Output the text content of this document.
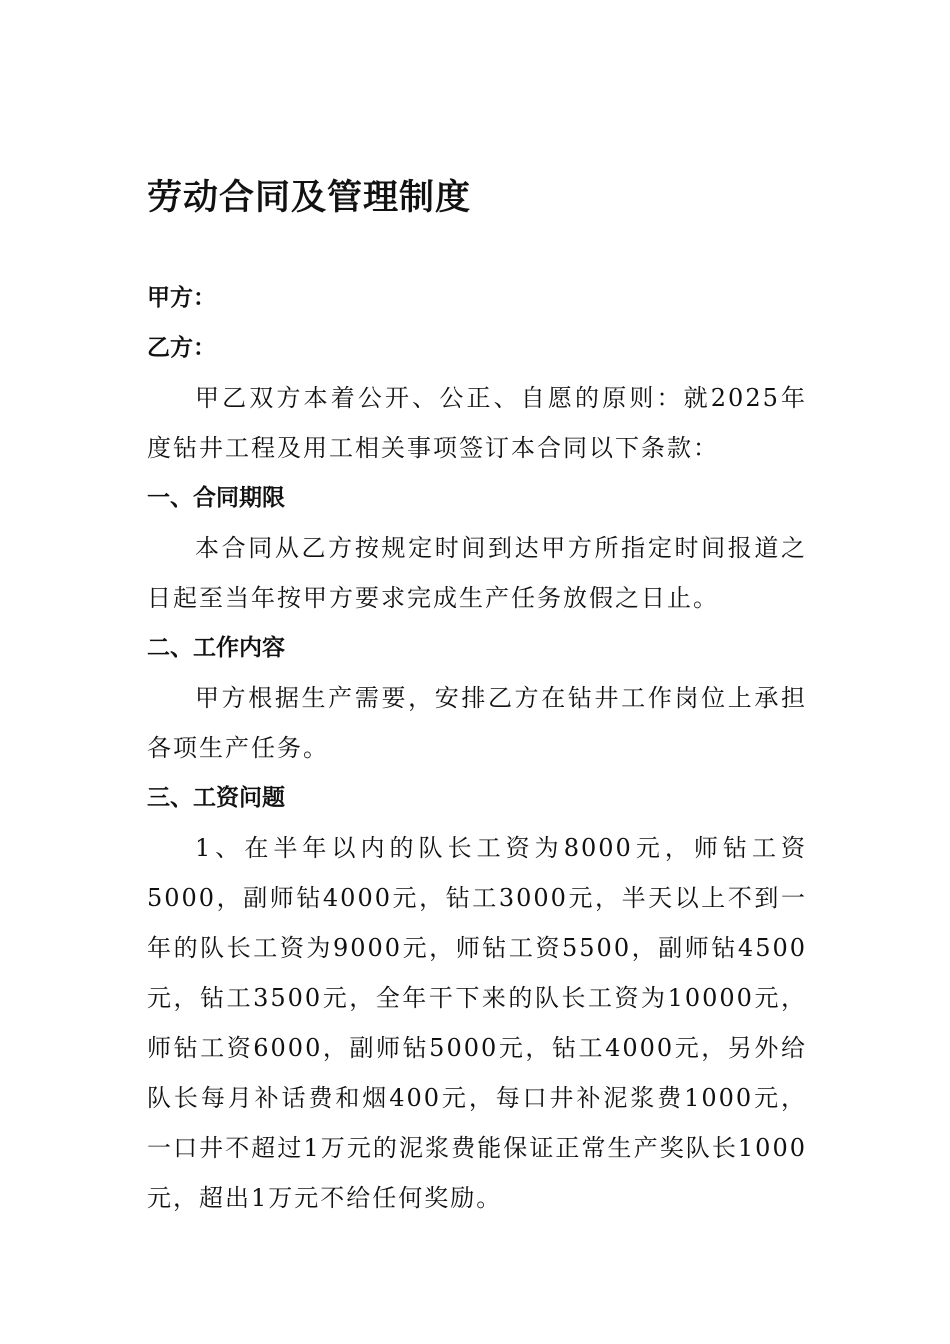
劳动合同及管理制度
甲方：
乙方：

甲乙双方本着公开、公正、自愿的原则：就2025年度钻井工程及用工相关事项签订本合同以下条款：

一、合同期限

本合同从乙方按规定时间到达甲方所指定时间报道之日起至当年按甲方要求完成生产任务放假之日止。

二、工作内容

甲方根据生产需要，安排乙方在钻井工作岗位上承担各项生产任务。

三、工资问题

1、在半年以内的队长工资为8000元，师钻工资5000，副师钻4000元，钻工3000元，半天以上不到一年的队长工资为9000元，师钻工资5500，副师钻4500元，钻工3500元，全年干下来的队长工资为10000元，师钻工资6000，副师钻5000元，钻工4000元，另外给队长每月补话费和烟400元，每口井补泥浆费1000元，一口井不超过1万元的泥浆费能保证正常生产奖队长1000元，超出1万元不给任何奖励。
